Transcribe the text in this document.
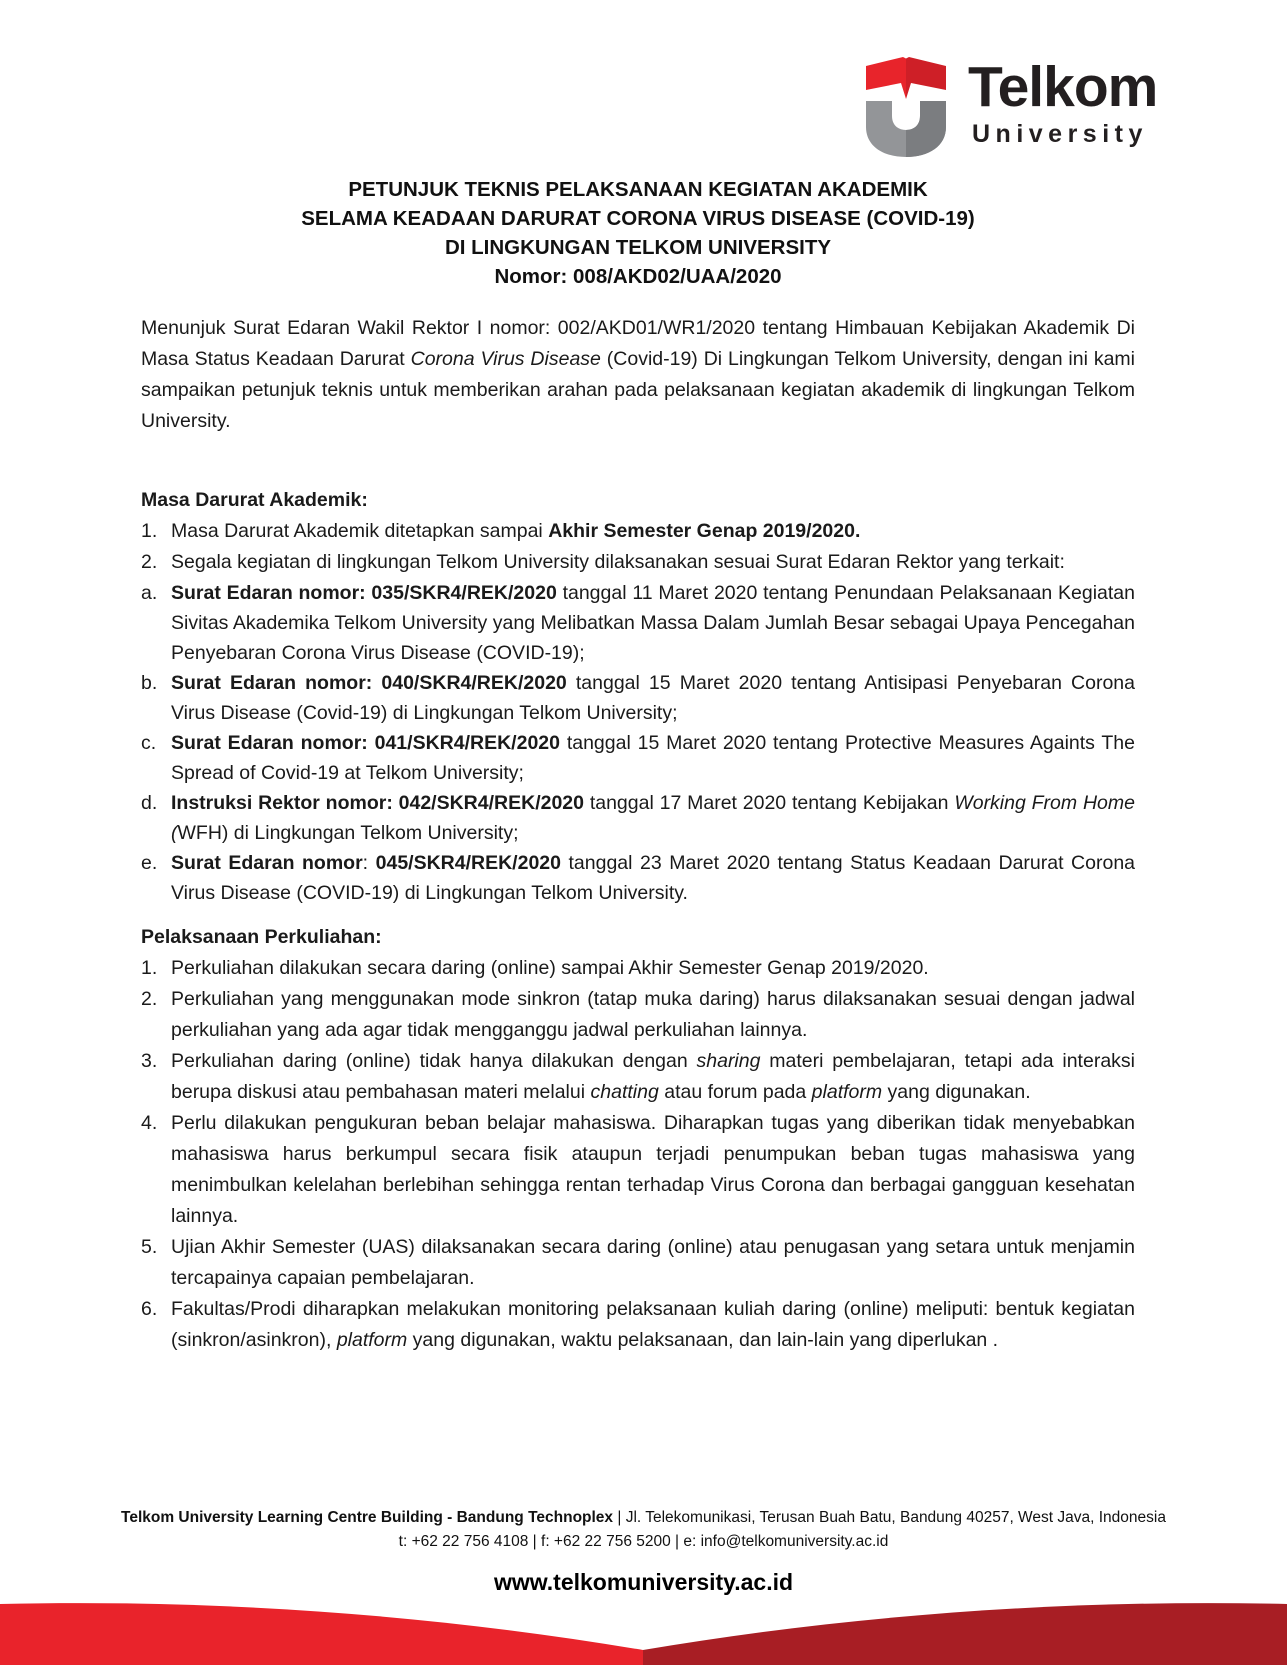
Telkom
University
PETUNJUK TEKNIS PELAKSANAAN KEGIATAN AKADEMIK
SELAMA KEADAAN DARURAT CORONA VIRUS DISEASE (COVID-19)
DI LINGKUNGAN TELKOM UNIVERSITY
Nomor: 008/AKD02/UAA/2020

Menunjuk Surat Edaran Wakil Rektor I nomor: 002/AKD01/WR1/2020 tentang Himbauan Kebijakan Akademik Di Masa Status Keadaan Darurat Corona Virus Disease (Covid-19) Di Lingkungan Telkom University, dengan ini kami sampaikan petunjuk teknis untuk memberikan arahan pada pelaksanaan kegiatan akademik di lingkungan Telkom University.

Masa Darurat Akademik:
1. Masa Darurat Akademik ditetapkan sampai Akhir Semester Genap 2019/2020.
2. Segala kegiatan di lingkungan Telkom University dilaksanakan sesuai Surat Edaran Rektor yang terkait:
a. Surat Edaran nomor: 035/SKR4/REK/2020 tanggal 11 Maret 2020 tentang Penundaan Pelaksanaan Kegiatan Sivitas Akademika Telkom University yang Melibatkan Massa Dalam Jumlah Besar sebagai Upaya Pencegahan Penyebaran Corona Virus Disease (COVID-19);
b. Surat Edaran nomor: 040/SKR4/REK/2020 tanggal 15 Maret 2020 tentang Antisipasi Penyebaran Corona Virus Disease (Covid-19) di Lingkungan Telkom University;
c. Surat Edaran nomor: 041/SKR4/REK/2020 tanggal 15 Maret 2020 tentang Protective Measures Againts The Spread of Covid-19 at Telkom University;
d. Instruksi Rektor nomor: 042/SKR4/REK/2020 tanggal 17 Maret 2020 tentang Kebijakan Working From Home (WFH) di Lingkungan Telkom University;
e. Surat Edaran nomor: 045/SKR4/REK/2020 tanggal 23 Maret 2020 tentang Status Keadaan Darurat Corona Virus Disease (COVID-19) di Lingkungan Telkom University.
Pelaksanaan Perkuliahan:
1. Perkuliahan dilakukan secara daring (online) sampai Akhir Semester Genap 2019/2020.
2. Perkuliahan yang menggunakan mode sinkron (tatap muka daring) harus dilaksanakan sesuai dengan jadwal perkuliahan yang ada agar tidak mengganggu jadwal perkuliahan lainnya.
3. Perkuliahan daring (online) tidak hanya dilakukan dengan sharing materi pembelajaran, tetapi ada interaksi berupa diskusi atau pembahasan materi melalui chatting atau forum pada platform yang digunakan.
4. Perlu dilakukan pengukuran beban belajar mahasiswa. Diharapkan tugas yang diberikan tidak menyebabkan mahasiswa harus berkumpul secara fisik ataupun terjadi penumpukan beban tugas mahasiswa yang menimbulkan kelelahan berlebihan sehingga rentan terhadap Virus Corona dan berbagai gangguan kesehatan lainnya.
5. Ujian Akhir Semester (UAS) dilaksanakan secara daring (online) atau penugasan yang setara untuk menjamin tercapainya capaian pembelajaran.
6. Fakultas/Prodi diharapkan melakukan monitoring pelaksanaan kuliah daring (online) meliputi: bentuk kegiatan (sinkron/asinkron), platform yang digunakan, waktu pelaksanaan, dan lain-lain yang diperlukan .
Telkom University Learning Centre Building - Bandung Technoplex | Jl. Telekomunikasi, Terusan Buah Batu, Bandung 40257, West Java, Indonesia
t: +62 22 756 4108 | f: +62 22 756 5200 | e: info@telkomuniversity.ac.id
www.telkomuniversity.ac.id
